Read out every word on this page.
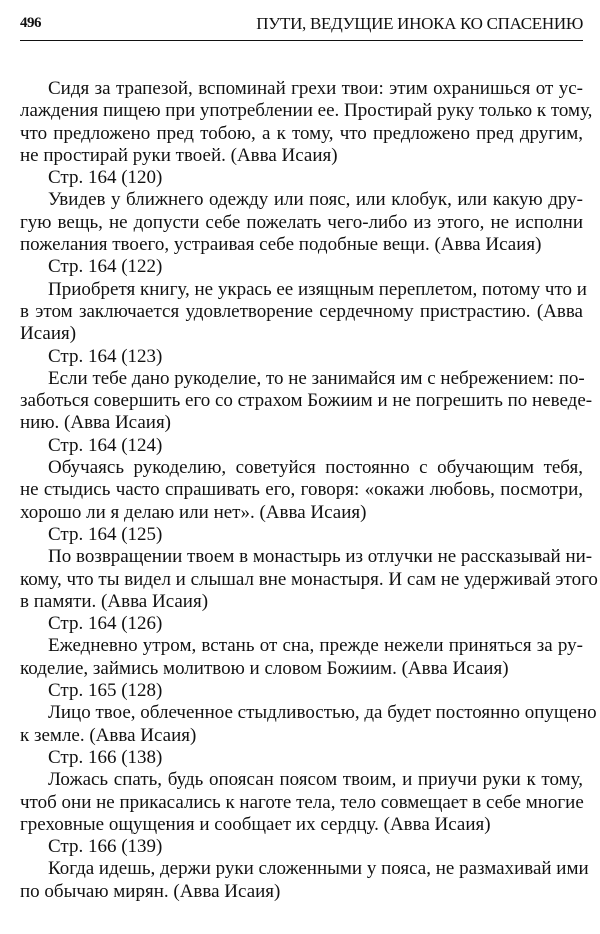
496	ПУТИ, ВЕДУЩИЕ ИНОКА КО СПАСЕНИЮ
Сидя за трапезой, вспоминай грехи твои: этим охранишься от ус-
лаждения пищею при употреблении ее. Простирай руку только к тому,
что предложено пред тобою, а к тому, что предложено пред другим,
не простирай руки твоей. (Авва Исаия)
Стр. 164 (120)
Увидев у ближнего одежду или пояс, или клобук, или какую дру-
гую вещь, не допусти себе пожелать чего-либо из этого, не исполни
пожелания твоего, устраивая себе подобные вещи. (Авва Исаия)
Стр. 164 (122)
Приобретя книгу, не укрась ее изящным переплетом, потому что и
в этом заключается удовлетворение сердечному пристрастию. (Авва
Исаия)
Стр. 164 (123)
Если тебе дано рукоделие, то не занимайся им с небрежением: по-
заботься совершить его со страхом Божиим и не погрешить по неведе-
нию. (Авва Исаия)
Стр. 164 (124)
Обучаясь рукоделию, советуйся постоянно с обучающим тебя,
не стыдись часто спрашивать его, говоря: «окажи любовь, посмотри,
хорошо ли я делаю или нет». (Авва Исаия)
Стр. 164 (125)
По возвращении твоем в монастырь из отлучки не рассказывай ни-
кому, что ты видел и слышал вне монастыря. И сам не удерживай этого
в памяти. (Авва Исаия)
Стр. 164 (126)
Ежедневно утром, встань от сна, прежде нежели приняться за ру-
коделие, займись молитвою и словом Божиим. (Авва Исаия)
Стр. 165 (128)
Лицо твое, облеченное стыдливостью, да будет постоянно опущено
к земле. (Авва Исаия)
Стр. 166 (138)
Ложась спать, будь опоясан поясом твоим, и приучи руки к тому,
чтоб они не прикасались к наготе тела, тело совмещает в себе многие
греховные ощущения и сообщает их сердцу. (Авва Исаия)
Стр. 166 (139)
Когда идешь, держи руки сложенными у пояса, не размахивай ими
по обычаю мирян. (Авва Исаия)
